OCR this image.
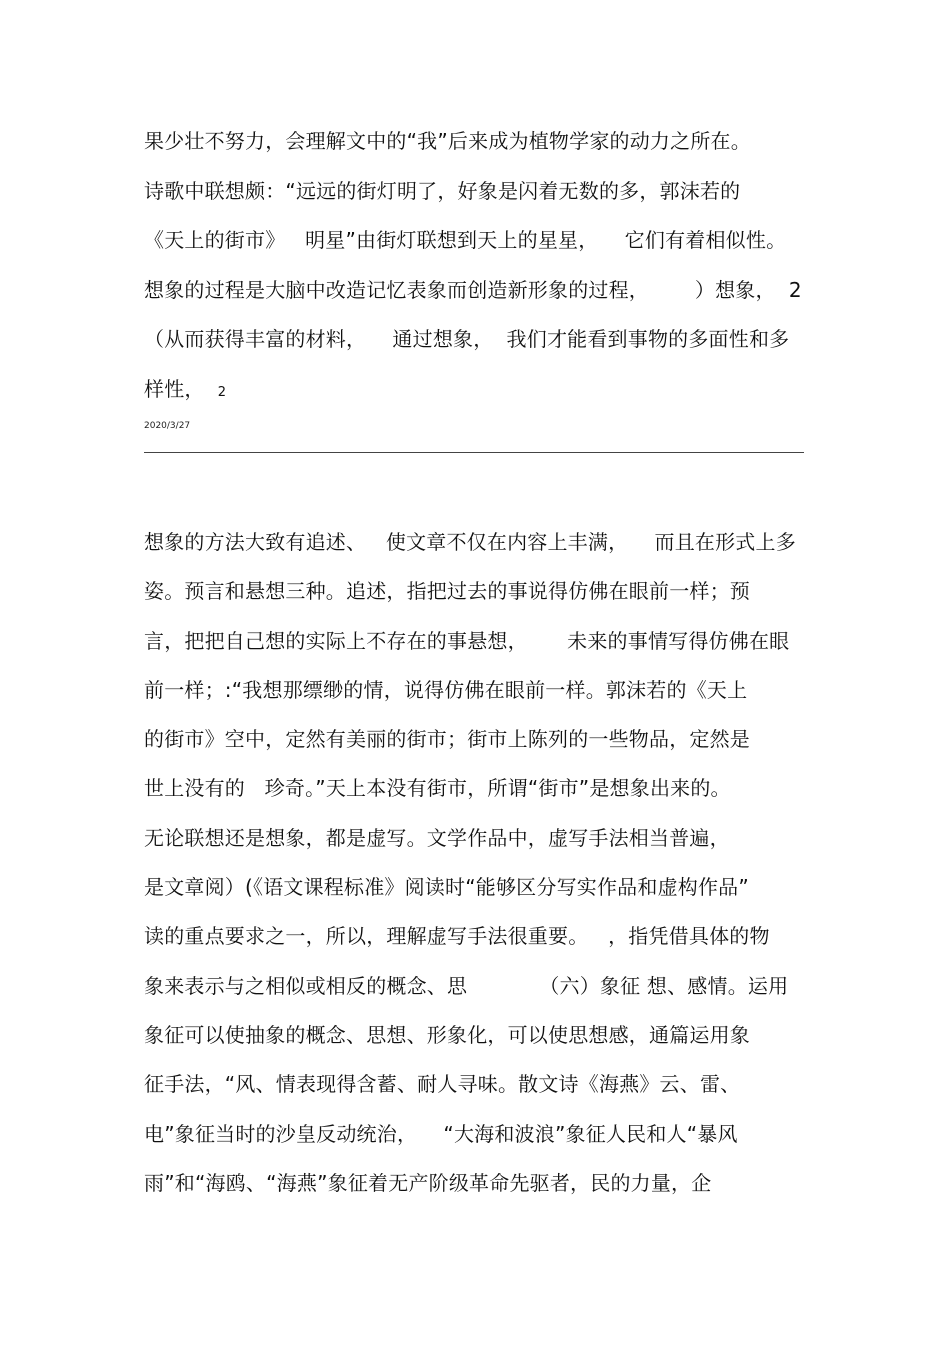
果少壮不努力，会理解文中的“我”后来成为植物学家的动力之所在。
诗歌中联想颇：“远远的街灯明了，好象是闪着无数的多，郭沫若的
《天上的街市》   明星”由街灯联想到天上的星星，    它们有着相似性。
想象的过程是大脑中改造记忆表象而创造新形象的过程，       ）想象，  2
（从而获得丰富的材料，    通过想象，  我们才能看到事物的多面性和多
样性， 2
2020/3/27
想象的方法大致有追述、   使文章不仅在内容上丰满，    而且在形式上多
姿。预言和悬想三种。追述，指把过去的事说得仿佛在眼前一样；预
言，把把自己想的实际上不存在的事悬想，      未来的事情写得仿佛在眼
前一样；:“我想那缥缈的情，说得仿佛在眼前一样。郭沫若的《天上
的街市》空中，定然有美丽的街市；街市上陈列的一些物品，定然是
世上没有的   珍奇。”天上本没有街市，所谓“街市”是想象出来的。
无论联想还是想象，都是虚写。文学作品中，虚写手法相当普遍，
是文章阅）(《语文课程标准》阅读时“能够区分写实作品和虚构作品”
读的重点要求之一，所以，理解虚写手法很重要。   ，指凭借具体的物
象来表示与之相似或相反的概念、思           （六）象征 想、感情。运用
象征可以使抽象的概念、思想、形象化，可以使思想感，通篇运用象
征手法，“风、情表现得含蓄、耐人寻味。散文诗《海燕》云、雷、
电”象征当时的沙皇反动统治，    “大海和波浪”象征人民和人“暴风
雨”和“海鸥、“海燕”象征着无产阶级革命先驱者，民的力量，企
